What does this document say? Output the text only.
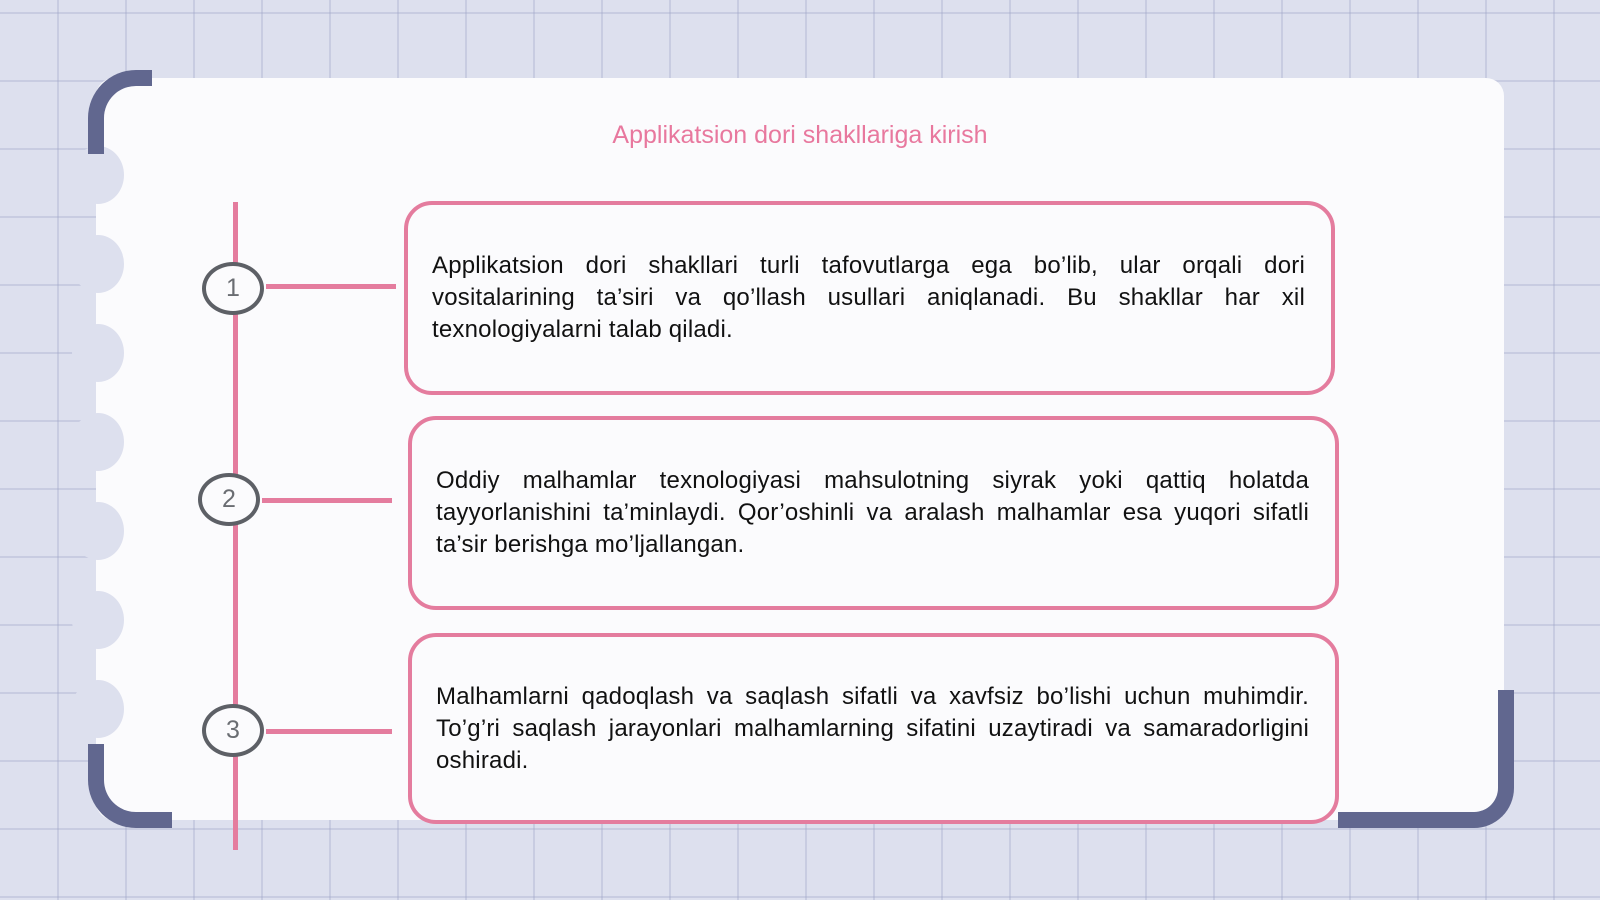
Applikatsion dori shakllariga kirish
1
2
3

Applikatsion dori shakllari turli tafovutlarga ega bo’lib, ular orqali dori vositalarining ta’siri va qo’llash usullari aniqlanadi. Bu shakllar har xil texnologiyalarni talab qiladi.

Oddiy malhamlar texnologiyasi mahsulotning siyrak yoki qattiq holatda tayyorlanishini ta’minlaydi. Qor’oshinli va aralash malhamlar esa yuqori sifatli ta’sir berishga mo’ljallangan.

Malhamlarni qadoqlash va saqlash sifatli va xavfsiz bo’lishi uchun muhimdir. To’g’ri saqlash jarayonlari malhamlarning sifatini uzaytiradi va samaradorligini oshiradi.
